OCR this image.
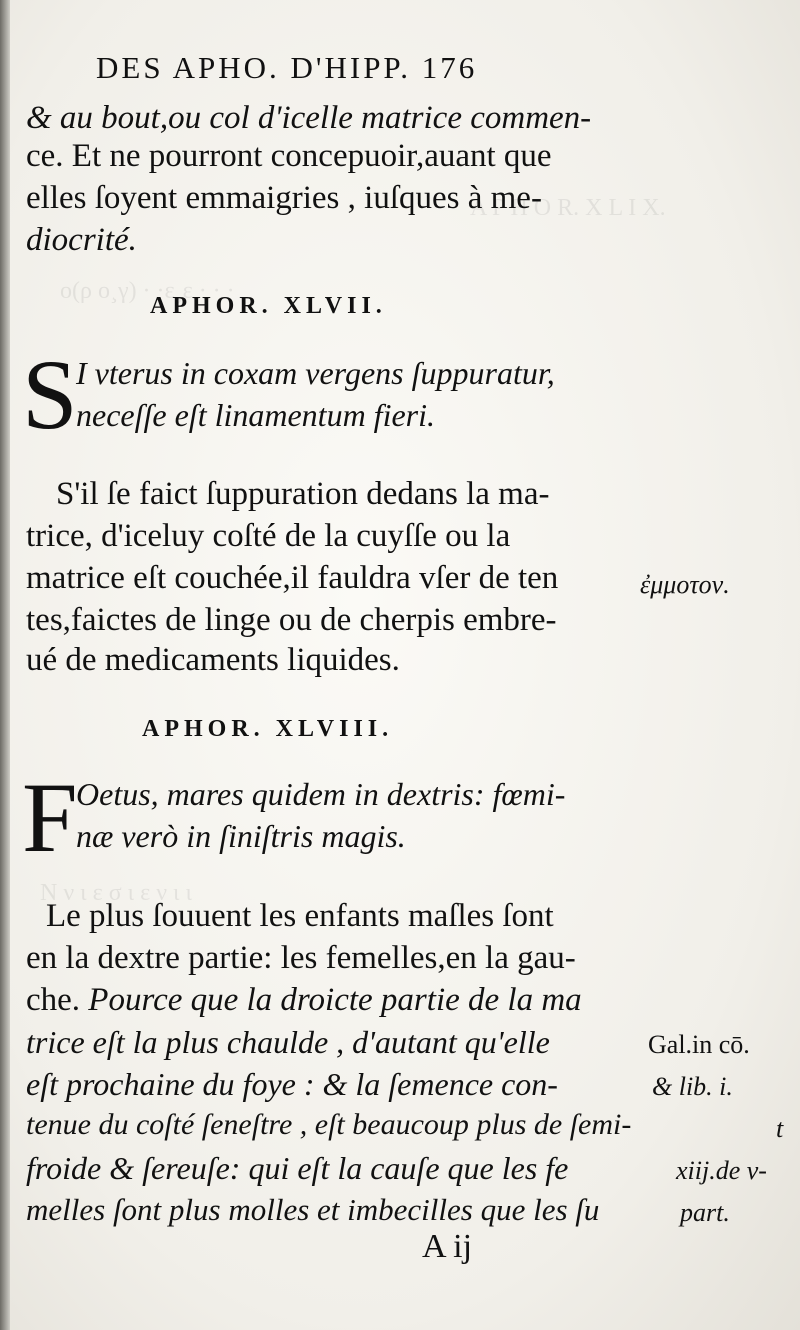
A P H O R. X L I X.
o(ρ o¸γ) · ·ε¸ɛ · · ·
N ν ι ε σ ι ε ν ι ι
DES APHO. D'HIPP. 176
& au bout,ou col d'icelle matrice commen-
ce. Et ne pourront concepuoir,auant que
elles ſoyent emmaigries , iuſques à me-
diocrité.
APHOR. XLVII.
S
I vterus in coxam vergens ſuppuratur,
neceſſe eſt linamentum fieri.
S'il ſe faict ſuppuration dedans la ma-
trice, d'iceluy coſté de la cuyſſe ou la
matrice eſt couchée,il fauldra vſer de ten
tes,faictes de linge ou de cherpis embre-
ué de medicaments liquides.
ἐμμοτον.
APHOR. XLVIII.
F
Oetus, mares quidem in dextris: fœmi-
næ verò in ſiniſtris magis.
Le plus ſouuent les enfants maſles ſont
en la dextre partie: les femelles,en la gau-
che. Pource que la droicte partie de la ma
trice eſt la plus chaulde , d'autant qu'elle
eſt prochaine du foye : & la ſemence con-
tenue du coſté ſeneſtre , eſt beaucoup plus de ſemi-
froide & ſereuſe: qui eſt la cauſe que les fe
melles ſont plus molles et imbecilles que les ſu
Gal.in cō.
& lib. i.
t
xiij.de v-
part.
A ij
